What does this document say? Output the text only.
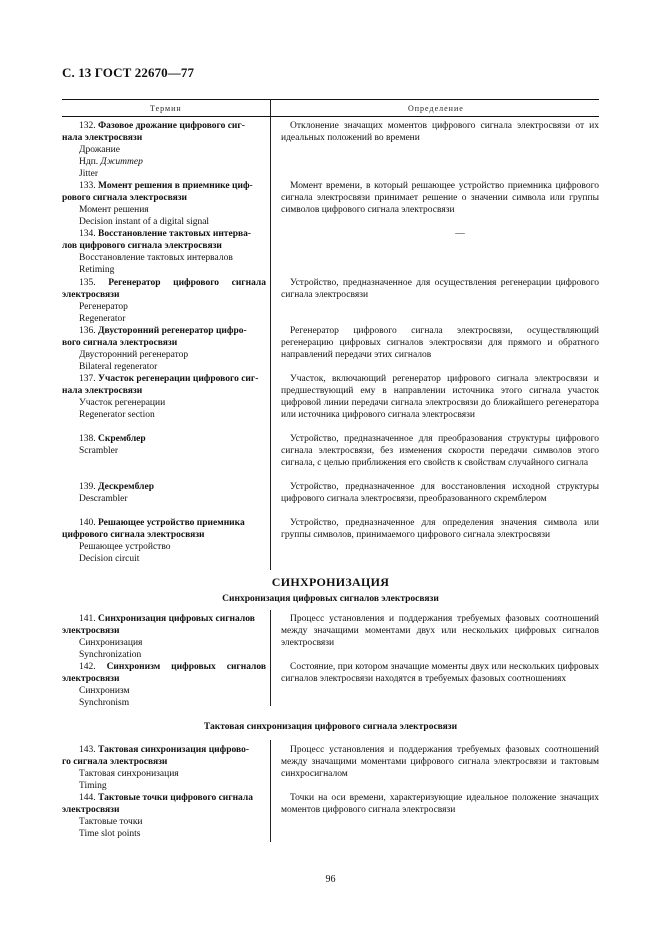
С. 13 ГОСТ 22670—77
Термин	Определение
132. Фазовое дрожание цифрового сиг-
нала электросвязи
Дрожание
Ндп. Джиттер
Jitter
Отклонение значащих моментов цифрового сигнала электросвязи от их идеальных положений во времени
133. Момент решения в приемнике циф-
рового сигнала электросвязи
Момент решения
Decision instant of a digital signal
Момент времени, в который решающее устройство приемника цифрового сигнала электросвязи принимает решение о значении символа или группы символов цифрового сигнала электросвязи
134. Восстановление тактовых интерва-
лов цифрового сигнала электросвязи
Восстановление тактовых интервалов
Retiming
—
135. Регенератор цифрового сигнала
электросвязи
Регенератор
Regenerator
Устройство, предназначенное для осуществления регенерации цифрового сигнала электросвязи
136. Двусторонний регенератор цифро-
вого сигнала электросвязи
Двусторонний регенератор
Bilateral regenerator
Регенератор цифрового сигнала электросвязи, осуществляющий регенерацию цифровых сигналов электросвязи для прямого и обратного направлений передачи этих сигналов
137. Участок регенерации цифрового сиг-
нала электросвязи
Участок регенерации
Regenerator section
Участок, включающий регенератор цифрового сигнала электросвязи и предшествующий ему в направлении источника этого сигнала участок цифровой линии передачи сигнала электросвязи до ближайшего регенератора или источника цифрового сигнала электросвязи
138. Скремблер
Scrambler
Устройство, предназначенное для преобразования структуры цифрового сигнала электросвязи, без изменения скорости передачи символов этого сигнала, с целью приближения его свойств к свойствам случайного сигнала
139. Дескремблер
Descrambler
Устройство, предназначенное для восстановления исходной структуры цифрового сигнала электросвязи, преобразованного скремблером
140. Решающее устройство приемника
цифрового сигнала электросвязи
Решающее устройство
Decision circuit
Устройство, предназначенное для определения значения символа или группы символов, принимаемого цифрового сигнала электросвязи
СИНХРОНИЗАЦИЯ
Синхронизация цифровых сигналов электросвязи
141. Синхронизация цифровых сигналов
электросвязи
Синхронизация
Synchronization
Процесс установления и поддержания требуемых фазовых соотношений между значащими моментами двух или нескольких цифровых сигналов электросвязи
142. Синхронизм цифровых сигналов
электросвязи
Синхронизм
Synchronism
Состояние, при котором значащие моменты двух или нескольких цифровых сигналов электросвязи находятся в требуемых фазовых соотношениях
Тактовая синхронизация цифрового сигнала электросвязи
143. Тактовая синхронизация цифрово-
го сигнала электросвязи
Тактовая синхронизация
Timing
Процесс установления и поддержания требуемых фазовых соотношений между значащими моментами цифрового сигнала электросвязи и тактовым синхросигналом
144. Тактовые точки цифрового сигнала
электросвязи
Тактовые точки
Time slot points
Точки на оси времени, характеризующие идеальное положение значащих моментов цифрового сигнала электросвязи
96
